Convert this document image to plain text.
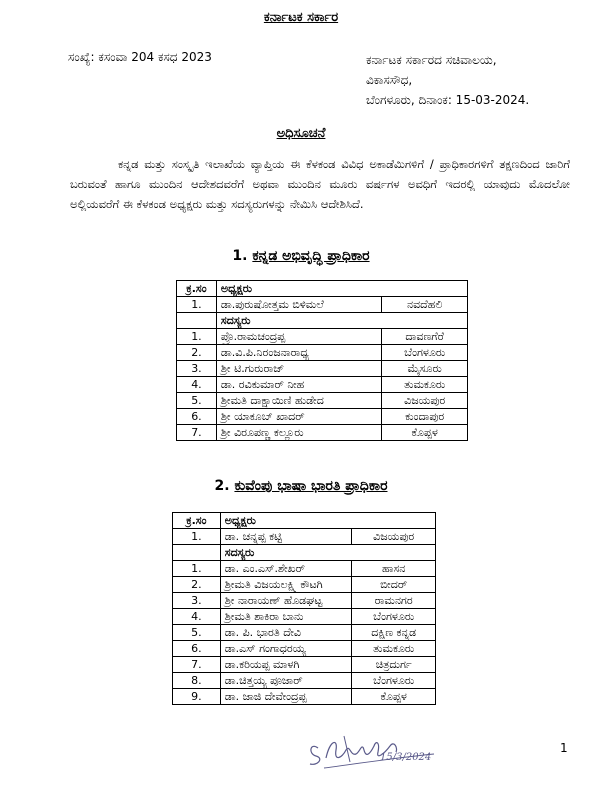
ಕರ್ನಾಟಕ ಸರ್ಕಾರ
ಸಂಖ್ಯೆ: ಕಸಂವಾ 204 ಕಸಧ 2023	ಕರ್ನಾಟಕ ಸರ್ಕಾರದ ಸಚಿವಾಲಯ,
ವಿಕಾಸಸೌಧ,
ಬೆಂಗಳೂರು, ದಿನಾಂಕ: 15-03-2024.
ಅಧಿಸೂಚನೆ
ಕನ್ನಡ ಮತ್ತು ಸಂಸ್ಕೃತಿ ಇಲಾಖೆಯ ವ್ಯಾಪ್ತಿಯ ಈ ಕೆಳಕಂಡ ವಿವಿಧ ಅಕಾಡೆಮಿಗಳಿಗೆ / ಪ್ರಾಧಿಕಾರಗಳಿಗೆ ತಕ್ಷಣದಿಂದ ಜಾರಿಗೆ ಬರುವಂತೆ ಹಾಗೂ ಮುಂದಿನ ಆದೇಶದವರೆಗೆ ಅಥವಾ ಮುಂದಿನ ಮೂರು ವರ್ಷಗಳ ಅವಧಿಗೆ ಇದರಲ್ಲಿ ಯಾವುದು ಮೊದಲೋ ಅಲ್ಲಿಯವರೆಗೆ ಈ ಕೆಳಕಂಡ ಅಧ್ಯಕ್ಷರು ಮತ್ತು ಸದಸ್ಯರುಗಳನ್ನು ನೇಮಿಸಿ ಆದೇಶಿಸಿದೆ.
1. ಕನ್ನಡ ಅಭಿವೃದ್ಧಿ ಪ್ರಾಧಿಕಾರ
ಕ್ರ.ಸಂ	ಅಧ್ಯಕ್ಷರು	
1.	ಡಾ.ಪುರುಷೋತ್ತಮ ಬಿಳಿಮಲೆ	ನವದೆಹಲಿ
	ಸದಸ್ಯರು	
1.	ಪ್ರೊ.ರಾಮಚಂದ್ರಪ್ಪ	ದಾವಣಗೆರೆ
2.	ಡಾ.ವಿ.ಪಿ.ನಿರಂಜನಾರಾಧ್ಯ	ಬೆಂಗಳೂರು
3.	ಶ್ರೀ ಟಿ.ಗುರುರಾಜ್	ಮೈಸೂರು
4.	ಡಾ. ರವಿಕುಮಾರ್ ನೀಹ	ತುಮಕೂರು
5.	ಶ್ರೀಮತಿ ದಾಕ್ಷಾಯಿಣಿ ಹುಡೇದ	ವಿಜಯಪುರ
6.	ಶ್ರೀ ಯಾಕೂಬ್ ಖಾದರ್	ಕುಂದಾಪುರ
7.	ಶ್ರೀ ವಿರೂಪಣ್ಣ ಕಲ್ಲೂರು	ಕೊಪ್ಪಳ
2. ಕುವೆಂಪು ಭಾಷಾ ಭಾರತಿ ಪ್ರಾಧಿಕಾರ
ಕ್ರ.ಸಂ	ಅಧ್ಯಕ್ಷರು	
1.	ಡಾ. ಚನ್ನಪ್ಪ ಕಟ್ಟಿ	ವಿಜಯಪುರ
	ಸದಸ್ಯರು	
1.	ಡಾ. ಎಂ.ಎಸ್.ಶೇಖರ್	ಹಾಸನ
2.	ಶ್ರೀಮತಿ ವಿಜಯಲಕ್ಷ್ಮಿ ಕೌಟಗಿ	ಬೀದರ್
3.	ಶ್ರೀ ನಾರಾಯಣ್ ಹೊಡಘಟ್ಟ	ರಾಮನಗರ
4.	ಶ್ರೀಮತಿ ಶಾಕಿರಾ ಬಾನು	ಬೆಂಗಳೂರು
5.	ಡಾ. ಪಿ. ಭಾರತಿ ದೇವಿ	ದಕ್ಷಿಣ ಕನ್ನಡ
6.	ಡಾ.ಎಸ್ ಗಂಗಾಧರಯ್ಯ	ತುಮಕೂರು
7.	ಡಾ.ಕರಿಯಪ್ಪ ಮಾಳಗಿ	ಚಿತ್ರದುರ್ಗ
8.	ಡಾ.ಚಿತ್ತಯ್ಯ ಪೂಜಾರ್	ಬೆಂಗಳೂರು
9.	ಡಾ. ಜಾಜಿ ದೇವೇಂದ್ರಪ್ಪ	ಕೊಪ್ಪಳ
15/3/2024
1
